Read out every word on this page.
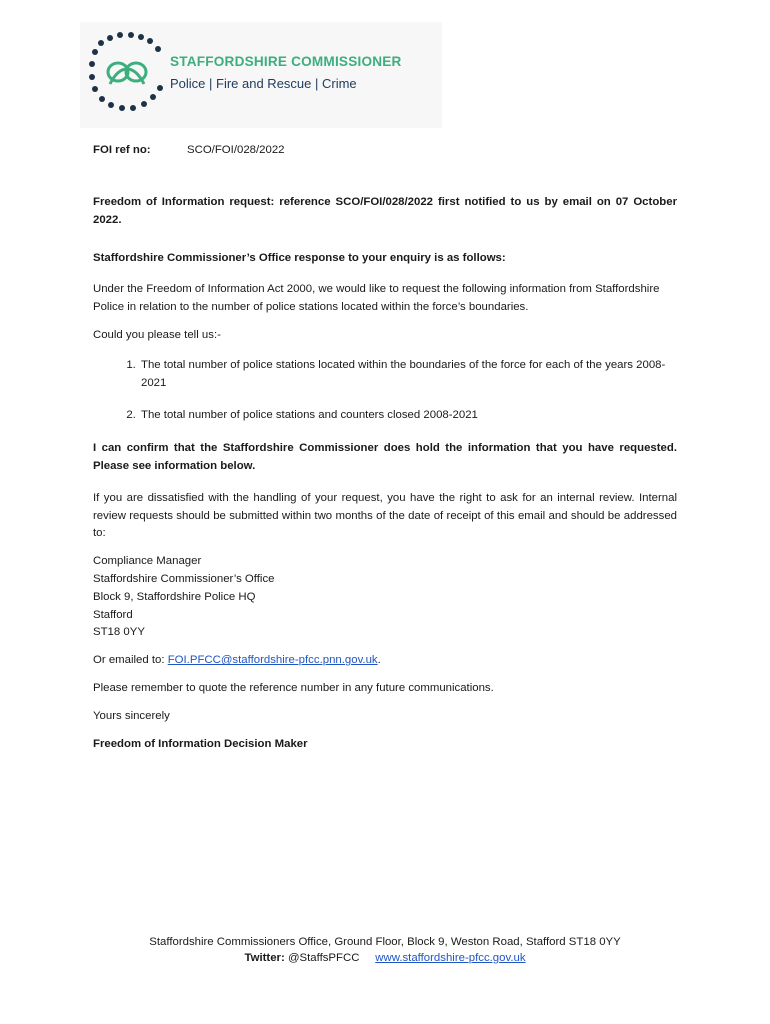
STAFFORDSHIRE COMMISSIONER
Police | Fire and Rescue | Crime
FOI ref no:	SCO/FOI/028/2022

Freedom of Information request: reference SCO/FOI/028/2022 first notified to us by email on 07 October 2022.

Staffordshire Commissioner’s Office response to your enquiry is as follows:

Under the Freedom of Information Act 2000, we would like to request the following information from Staffordshire Police in relation to the number of police stations located within the force’s boundaries.

Could you please tell us:-

1. The total number of police stations located within the boundaries of the force for each of the years 2008-2021
2. The total number of police stations and counters closed 2008-2021

I can confirm that the Staffordshire Commissioner does hold the information that you have requested. Please see information below.

If you are dissatisfied with the handling of your request, you have the right to ask for an internal review. Internal review requests should be submitted within two months of the date of receipt of this email and should be addressed to:

Compliance Manager
Staffordshire Commissioner’s Office
Block 9, Staffordshire Police HQ
Stafford
ST18 0YY

Or emailed to: FOI.PFCC@staffordshire-pfcc.pnn.gov.uk.

Please remember to quote the reference number in any future communications.

Yours sincerely

Freedom of Information Decision Maker

Staffordshire Commissioners Office, Ground Floor, Block 9, Weston Road, Stafford ST18 0YY
Twitter: @StaffsPFCC www.staffordshire-pfcc.gov.uk
